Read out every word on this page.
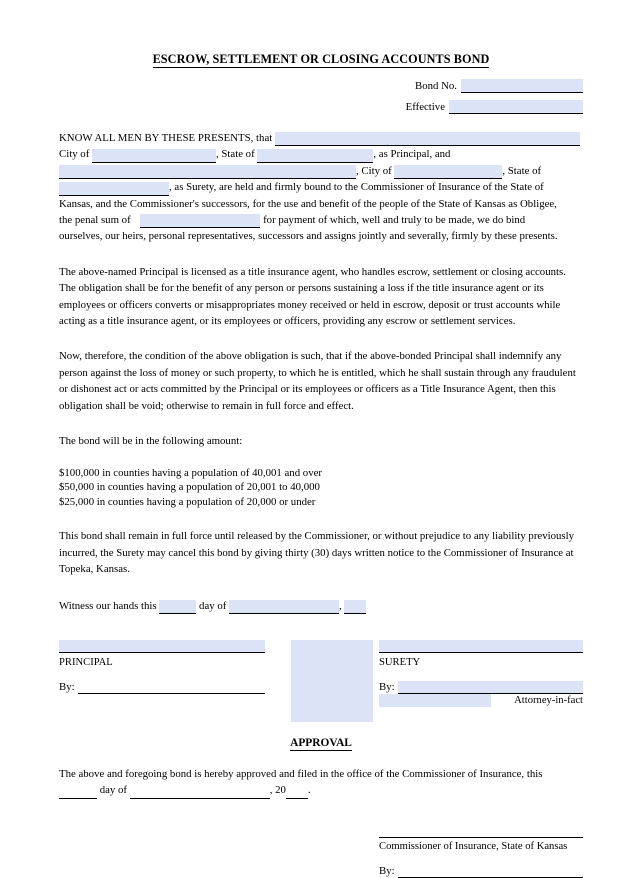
ESCROW, SETTLEMENT OR CLOSING ACCOUNTS BOND
Bond No.
Effective
KNOW ALL MEN BY THESE PRESENTS, that
City of	, State of	, as Principal, and
, City of	, State of
, as Surety, are held and firmly bound to the Commissioner of Insurance of the State of
Kansas, and the Commissioner's successors, for the use and benefit of the people of the State of Kansas as Obligee,
the penal sum of	for payment of which, well and truly to be made, we do bind
ourselves, our heirs, personal representatives, successors and assigns jointly and severally, firmly by these presents.

The above-named Principal is licensed as a title insurance agent, who handles escrow, settlement or closing accounts. The obligation shall be for the benefit of any person or persons sustaining a loss if the title insurance agent or its employees or officers converts or misappropriates money received or held in escrow, deposit or trust accounts while acting as a title insurance agent, or its employees or officers, providing any escrow or settlement services.

Now, therefore, the condition of the above obligation is such, that if the above-bonded Principal shall indemnify any person against the loss of money or such property, to which he is entitled, which he shall sustain through any fraudulent or dishonest act or acts committed by the Principal or its employees or officers as a Title Insurance Agent, then this obligation shall be void; otherwise to remain in full force and effect.

The bond will be in the following amount:

$100,000 in counties having a population of 40,001 and over
$50,000 in counties having a population of 20,001 to 40,000
$25,000 in counties having a population of 20,000 or under

This bond shall remain in full force until released by the Commissioner, or without prejudice to any liability previously incurred, the Surety may cancel this bond by giving thirty (30) days written notice to the Commissioner of Insurance at Topeka, Kansas.

Witness our hands this	day of	,
PRINCIPAL
By:
SURETY
By:
Attorney-in-fact
APPROVAL
The above and foregoing bond is hereby approved and filed in the office of the Commissioner of Insurance, this
day of	, 20 .
Commissioner of Insurance, State of Kansas
By:
